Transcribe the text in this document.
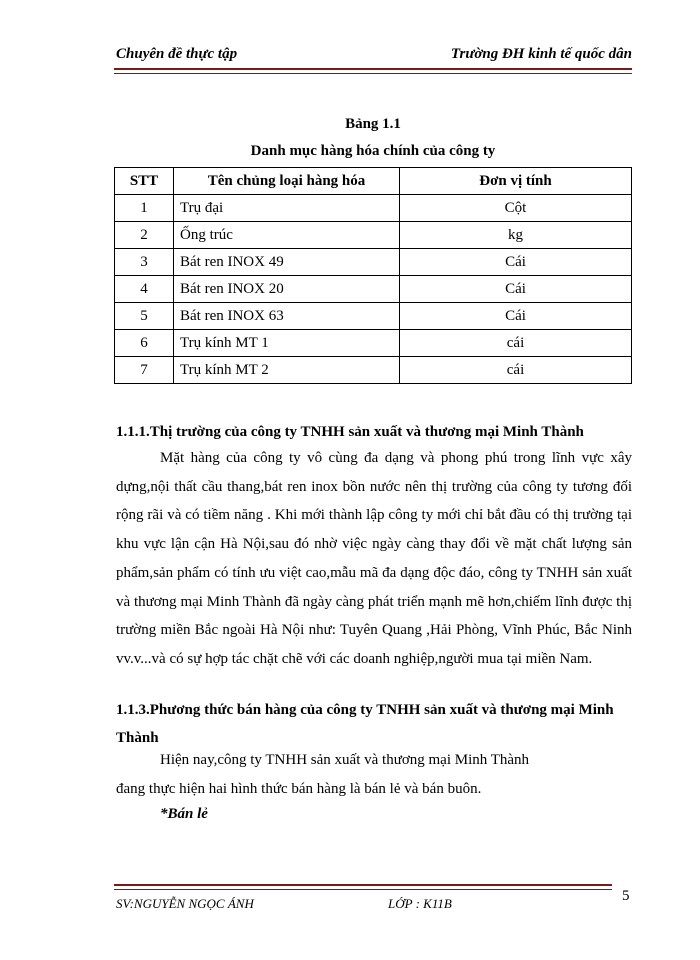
Chuyên đề thực tập	Trường ĐH kinh tế quốc dân
Bảng 1.1
Danh mục hàng hóa chính của công ty
STT	Tên chủng loại hàng hóa	Đơn vị tính
1	Trụ đại	Cột
2	Ống trúc	kg
3	Bát ren INOX 49	Cái
4	Bát ren INOX 20	Cái
5	Bát ren INOX 63	Cái
6	Trụ kính MT 1	cái
7	Trụ kính MT 2	cái
1.1.1.Thị trường của công ty TNHH sản xuất và thương mại Minh Thành
Mặt hàng của công ty vô cùng đa dạng và phong phú trong lĩnh vực xây dựng,nội thất cầu thang,bát ren inox bồn nước nên thị trường của công ty tương đối rộng rãi và có tiềm năng . Khi mới thành lập công ty mới chỉ bắt đầu có thị trường tại khu vực lận cận Hà Nội,sau đó nhờ việc ngày càng thay đổi về mặt chất lượng sản phẩm,sản phẩm có tính ưu việt cao,mẫu mã đa dạng độc đáo, công ty TNHH sản xuất và thương mại Minh Thành đã ngày càng phát triển mạnh mẽ hơn,chiếm lĩnh được thị trường miền Bắc ngoài Hà Nội như: Tuyên Quang ,Hải Phòng, Vĩnh Phúc, Bắc Ninh vv.v...và có sự hợp tác chặt chẽ với các doanh nghiệp,người mua tại miền Nam.
1.1.3.Phương thức bán hàng của công ty TNHH sản xuất và thương mại Minh Thành
Hiện nay,công ty TNHH sản xuất và thương mại Minh Thành đang thực hiện hai hình thức bán hàng là bán lẻ và bán buôn.
*Bán lẻ
SV:NGUYỄN NGỌC ÁNH	LỚP : K11B	5
